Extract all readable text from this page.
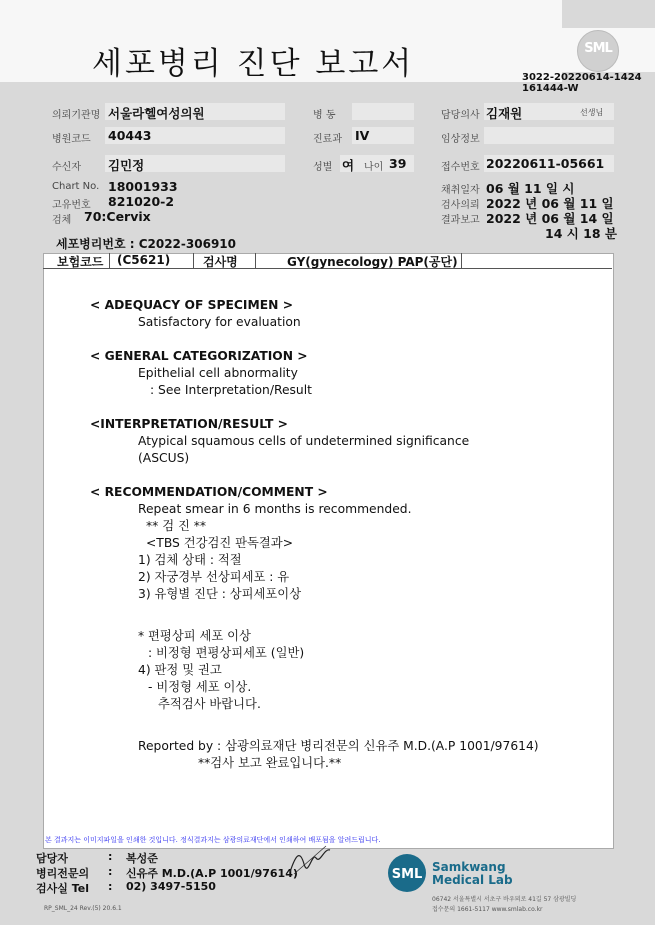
세포병리 진단 보고서	SML
3022-20220614-1424
161444-W
의뢰기관명 서울라헬여성의원	병 동	담당의사 김재원	선생님
병원코드 40443	진료과 IV	임상정보
수신자 김민정	성별 여 나이 39	접수번호 20220611-05661
Chart No. 18001933
고유번호 821020-2
검체 70:Cervix
채취일자 06 월 11 일 시
검사의뢰 2022 년 06 월 11 일
결과보고 2022 년 06 월 14 일
14 시 18 분
세포병리번호 : C2022-306910
보험코드 (C5621)	검사명	GY(gynecology) PAP(공단)
< ADEQUACY OF SPECIMEN >
Satisfactory for evaluation
< GENERAL CATEGORIZATION >
Epithelial cell abnormality
: See Interpretation/Result
<INTERPRETATION/RESULT >
Atypical squamous cells of undetermined significance
(ASCUS)
< RECOMMENDATION/COMMENT >
Repeat smear in 6 months is recommended.
** 검 진 **
<TBS 건강검진 판독결과>
1) 검체 상태 : 적절
2) 자궁경부 선상피세포 : 유
3) 유형별 진단 : 상피세포이상
* 편평상피 세포 이상
: 비정형 편평상피세포 (일반)
4) 판정 및 권고
- 비정형 세포 이상.
추적검사 바랍니다.
Reported by : 삼광의료재단 병리전문의 신유주 M.D.(A.P 1001/97614)
**검사 보고 완료입니다.**
본 결과지는 이미지파일을 인쇄한 것입니다. 정식결과지는 삼광의료재단에서 인쇄하여 배포됨을 알려드립니다.
담당자	: 복성준
병리전문의 : 신유주 M.D.(A.P 1001/97614)
검사실 Tel : 02) 3497-5150
RP_SML_24 Rev.(5) 20.6.1
SML Samkwang
Medical Lab
06742 서울특별시 서초구 바우뫼로 41길 57 삼광빌딩
접수문의 1661-5117 www.smlab.co.kr
